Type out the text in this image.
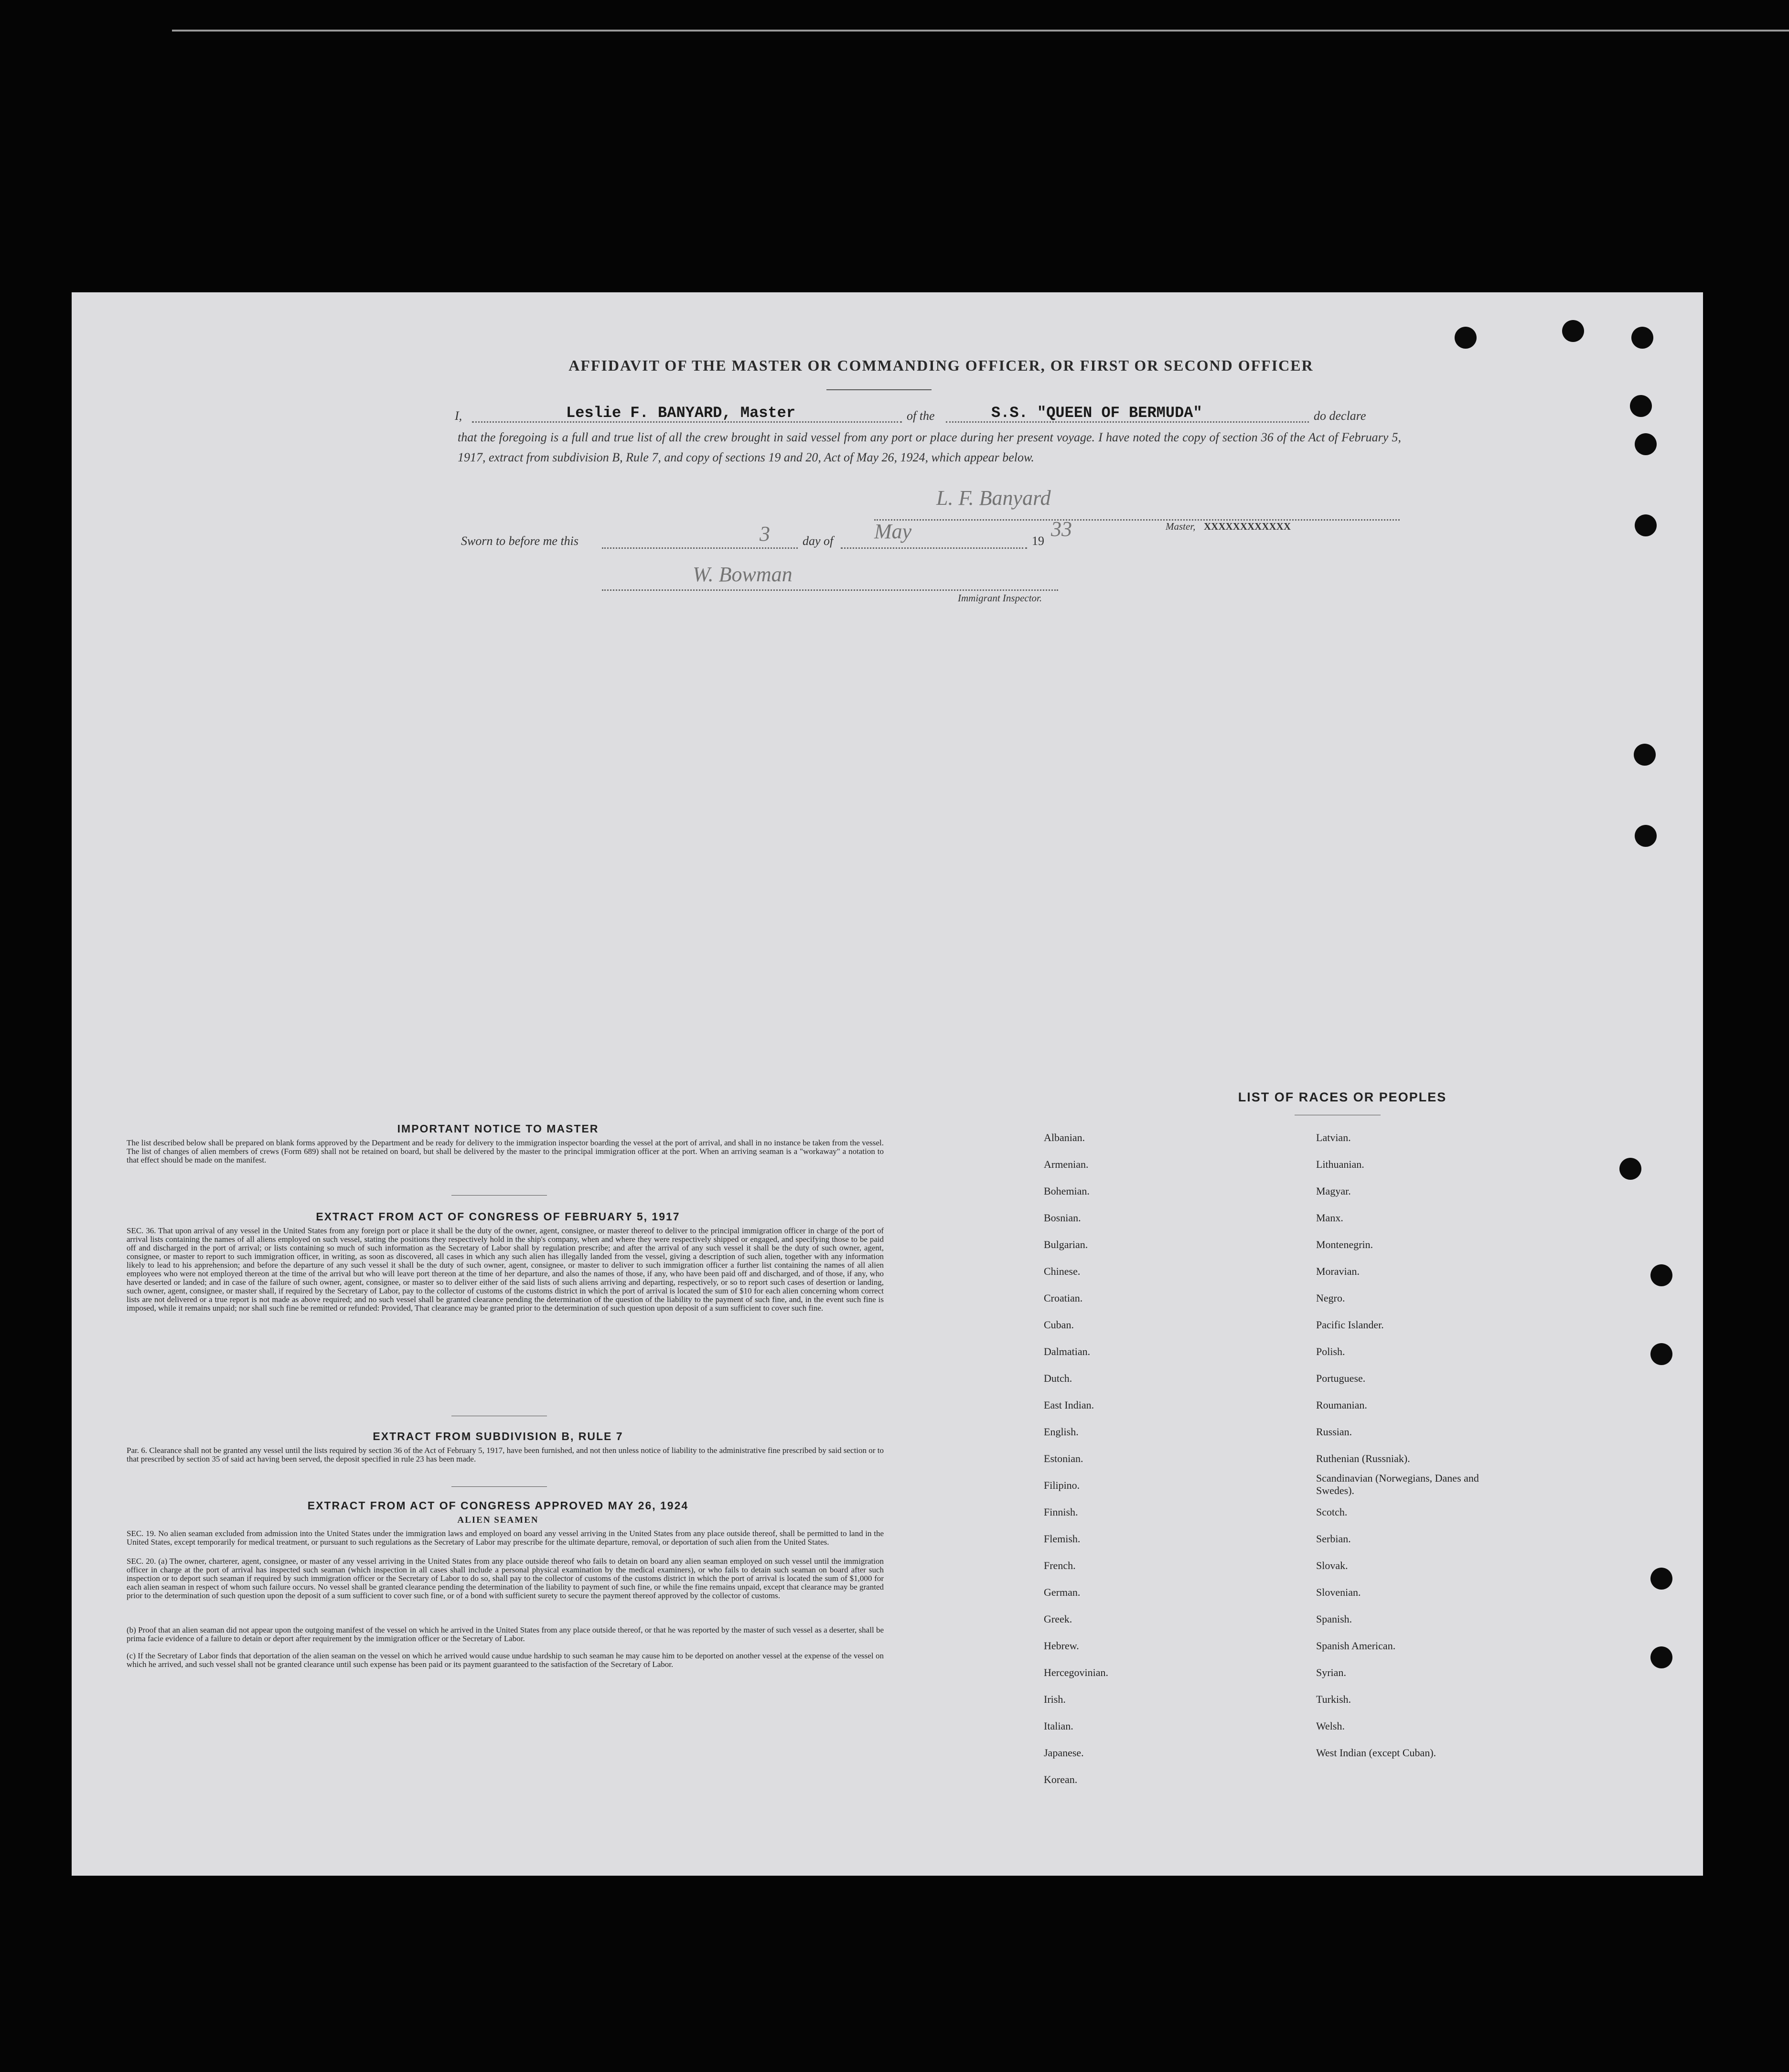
AFFIDAVIT OF THE MASTER OR COMMANDING OFFICER, OR FIRST OR SECOND OFFICER
I,	Leslie F. BANYARD, Master	of the	S.S. "QUEEN OF BERMUDA"	do declare
that the foregoing is a full and true list of all the crew brought in said vessel from any port or place during her present voyage. I have noted the copy of section 36 of the Act of February 5, 1917, extract from subdivision B, Rule 7, and copy of sections 19 and 20, Act of May 26, 1924, which appear below.
L. F. Banyard
Master, XXXXXXXXXXXX
Sworn to before me this	day of	19
3	May	33
W. Bowman
Immigrant Inspector.
IMPORTANT NOTICE TO MASTER
The list described below shall be prepared on blank forms approved by the Department and be ready for delivery to the immigration inspector boarding the vessel at the port of arrival, and shall in no instance be taken from the vessel. The list of changes of alien members of crews (Form 689) shall not be retained on board, but shall be delivered by the master to the principal immigration officer at the port. When an arriving seaman is a "workaway" a notation to that effect should be made on the manifest.
EXTRACT FROM ACT OF CONGRESS OF FEBRUARY 5, 1917
SEC. 36. That upon arrival of any vessel in the United States from any foreign port or place it shall be the duty of the owner, agent, consignee, or master thereof to deliver to the principal immigration officer in charge of the port of arrival lists containing the names of all aliens employed on such vessel, stating the positions they respectively hold in the ship's company, when and where they were respectively shipped or engaged, and specifying those to be paid off and discharged in the port of arrival; or lists containing so much of such information as the Secretary of Labor shall by regulation prescribe; and after the arrival of any such vessel it shall be the duty of such owner, agent, consignee, or master to report to such immigration officer, in writing, as soon as discovered, all cases in which any such alien has illegally landed from the vessel, giving a description of such alien, together with any information likely to lead to his apprehension; and before the departure of any such vessel it shall be the duty of such owner, agent, consignee, or master to deliver to such immigration officer a further list containing the names of all alien employees who were not employed thereon at the time of the arrival but who will leave port thereon at the time of her departure, and also the names of those, if any, who have been paid off and discharged, and of those, if any, who have deserted or landed; and in case of the failure of such owner, agent, consignee, or master so to deliver either of the said lists of such aliens arriving and departing, respectively, or so to report such cases of desertion or landing, such owner, agent, consignee, or master shall, if required by the Secretary of Labor, pay to the collector of customs of the customs district in which the port of arrival is located the sum of $10 for each alien concerning whom correct lists are not delivered or a true report is not made as above required; and no such vessel shall be granted clearance pending the determination of the question of the liability to the payment of such fine, and, in the event such fine is imposed, while it remains unpaid; nor shall such fine be remitted or refunded: Provided, That clearance may be granted prior to the determination of such question upon deposit of a sum sufficient to cover such fine.
EXTRACT FROM SUBDIVISION B, RULE 7
Par. 6. Clearance shall not be granted any vessel until the lists required by section 36 of the Act of February 5, 1917, have been furnished, and not then unless notice of liability to the administrative fine prescribed by said section or to that prescribed by section 35 of said act having been served, the deposit specified in rule 23 has been made.
EXTRACT FROM ACT OF CONGRESS APPROVED MAY 26, 1924
ALIEN SEAMEN
SEC. 19. No alien seaman excluded from admission into the United States under the immigration laws and employed on board any vessel arriving in the United States from any place outside thereof, shall be permitted to land in the United States, except temporarily for medical treatment, or pursuant to such regulations as the Secretary of Labor may prescribe for the ultimate departure, removal, or deportation of such alien from the United States.
SEC. 20. (a) The owner, charterer, agent, consignee, or master of any vessel arriving in the United States from any place outside thereof who fails to detain on board any alien seaman employed on such vessel until the immigration officer in charge at the port of arrival has inspected such seaman (which inspection in all cases shall include a personal physical examination by the medical examiners), or who fails to detain such seaman on board after such inspection or to deport such seaman if required by such immigration officer or the Secretary of Labor to do so, shall pay to the collector of customs of the customs district in which the port of arrival is located the sum of $1,000 for each alien seaman in respect of whom such failure occurs. No vessel shall be granted clearance pending the determination of the liability to payment of such fine, or while the fine remains unpaid, except that clearance may be granted prior to the determination of such question upon the deposit of a sum sufficient to cover such fine, or of a bond with sufficient surety to secure the payment thereof approved by the collector of customs.
(b) Proof that an alien seaman did not appear upon the outgoing manifest of the vessel on which he arrived in the United States from any place outside thereof, or that he was reported by the master of such vessel as a deserter, shall be prima facie evidence of a failure to detain or deport after requirement by the immigration officer or the Secretary of Labor.
(c) If the Secretary of Labor finds that deportation of the alien seaman on the vessel on which he arrived would cause undue hardship to such seaman he may cause him to be deported on another vessel at the expense of the vessel on which he arrived, and such vessel shall not be granted clearance until such expense has been paid or its payment guaranteed to the satisfaction of the Secretary of Labor.
LIST OF RACES OR PEOPLES
Albanian.
Armenian.
Bohemian.
Bosnian.
Bulgarian.
Chinese.
Croatian.
Cuban.
Dalmatian.
Dutch.
East Indian.
English.
Estonian.
Filipino.
Finnish.
Flemish.
French.
German.
Greek.
Hebrew.
Hercegovinian.
Irish.
Italian.
Japanese.
Korean.
Latvian.
Lithuanian.
Magyar.
Manx.
Montenegrin.
Moravian.
Negro.
Pacific Islander.
Polish.
Portuguese.
Roumanian.
Russian.
Ruthenian (Russniak).
Scandinavian (Norwegians, Danes and Swedes).
Scotch.
Serbian.
Slovak.
Slovenian.
Spanish.
Spanish American.
Syrian.
Turkish.
Welsh.
West Indian (except Cuban).
